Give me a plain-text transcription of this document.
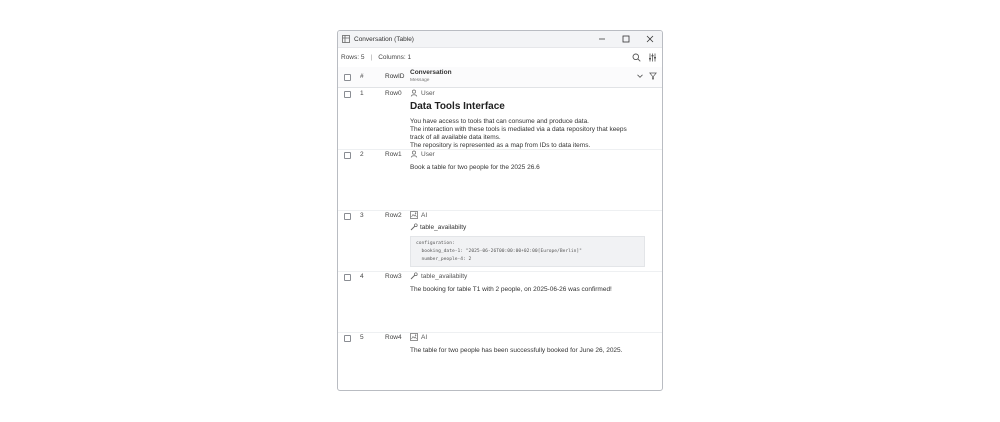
Conversation (Table)
Rows: 5 | Columns: 1
#	RowID
Conversation
Message
1	Row0	User
Data Tools Interface
You have access to tools that can consume and produce data.
The interaction with these tools is mediated via a data repository that keeps
track of all available data items.
The repository is represented as a map from IDs to data items.
2	Row1	User
Book a table for two people for the 2025 26.6
3	Row2	AI
table_availabilty
configuration:
booking_date-1: "2025-06-26T00:00:00+02:00[Europe/Berlin]"
number_people-4: 2
4	Row3	table_availabilty
The booking for table T1 with 2 people, on 2025-06-26 was confirmed!
5	Row4	AI
The table for two people has been successfully booked for June 26, 2025.
